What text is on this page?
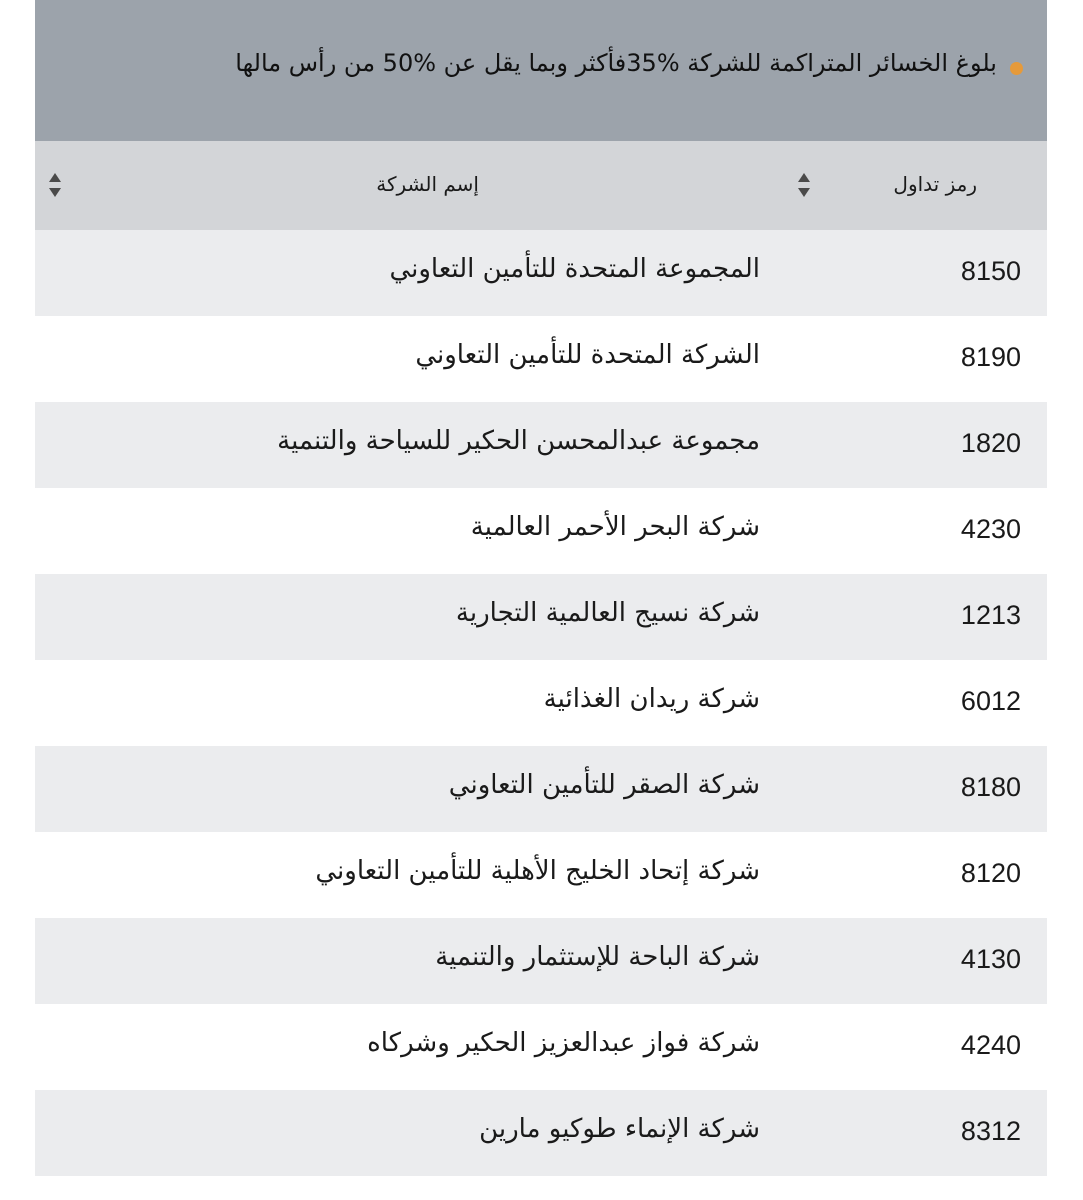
بلوغ الخسائر المتراكمة للشركة %35فأكثر وبما يقل عن %50 من رأس مالها
رمز تداول
إسم الشركة
8150
المجموعة المتحدة للتأمين التعاوني
8190
الشركة المتحدة للتأمين التعاوني
1820
مجموعة عبدالمحسن الحكير للسياحة والتنمية
4230
شركة البحر الأحمر العالمية
1213
شركة نسيج العالمية التجارية
6012
شركة ريدان الغذائية
8180
شركة الصقر للتأمين التعاوني
8120
شركة إتحاد الخليج الأهلية للتأمين التعاوني
4130
شركة الباحة للإستثمار والتنمية
4240
شركة فواز عبدالعزيز الحكير وشركاه
8312
شركة الإنماء طوكيو مارين
